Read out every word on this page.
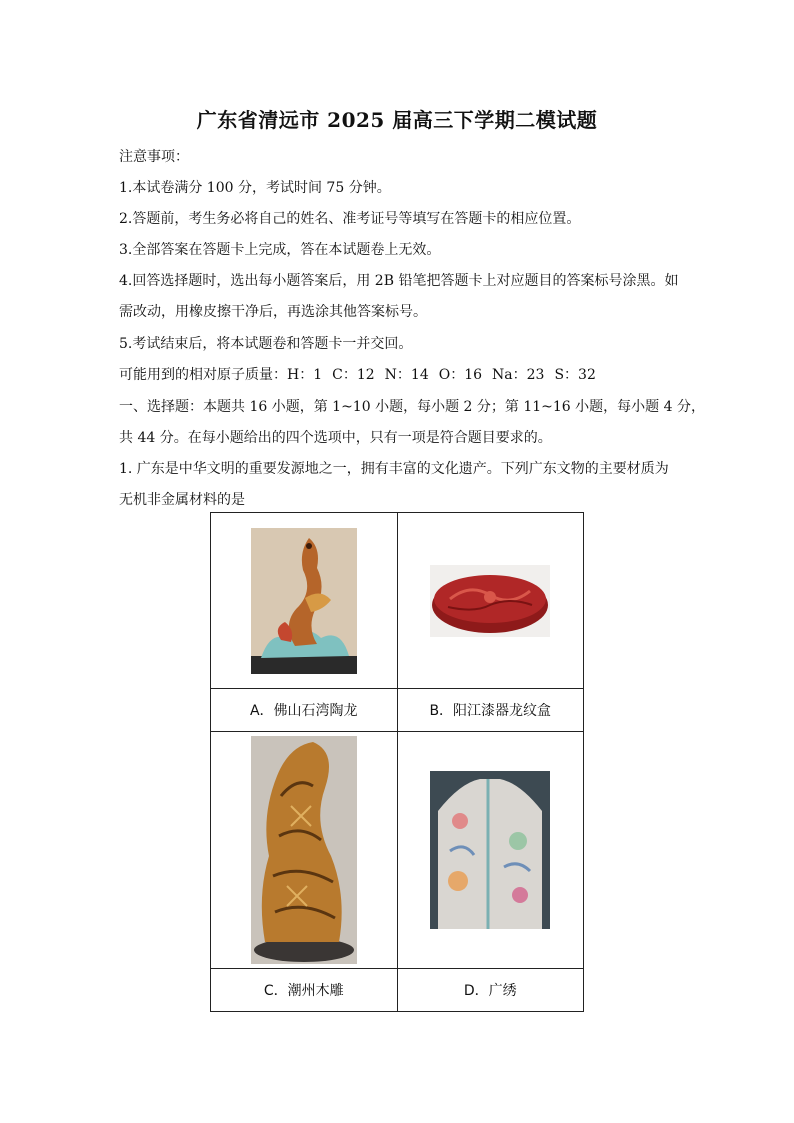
广东省清远市 2025 届高三下学期二模试题
注意事项：
1.本试卷满分 100 分，考试时间 75 分钟。
2.答题前，考生务必将自己的姓名、准考证号等填写在答题卡的相应位置。
3.全部答案在答题卡上完成，答在本试题卷上无效。
4.回答选择题时，选出每小题答案后，用 2B 铅笔把答题卡上对应题目的答案标号涂黑。如
需改动，用橡皮擦干净后，再选涂其他答案标号。
5.考试结束后，将本试题卷和答题卡一并交回。
可能用到的相对原子质量：H：1 C：12 N：14 O：16 Na：23 S：32
一、选择题：本题共 16 小题，第 1~10 小题，每小题 2 分；第 11~16 小题，每小题 4 分，
共 44 分。在每小题给出的四个选项中，只有一项是符合题目要求的。
1. 广东是中华文明的重要发源地之一，拥有丰富的文化遗产。下列广东文物的主要材质为
无机非金属材料的是

A．佛山石湾陶龙	B．阳江漆器龙纹盒

C．潮州木雕	D．广绣
